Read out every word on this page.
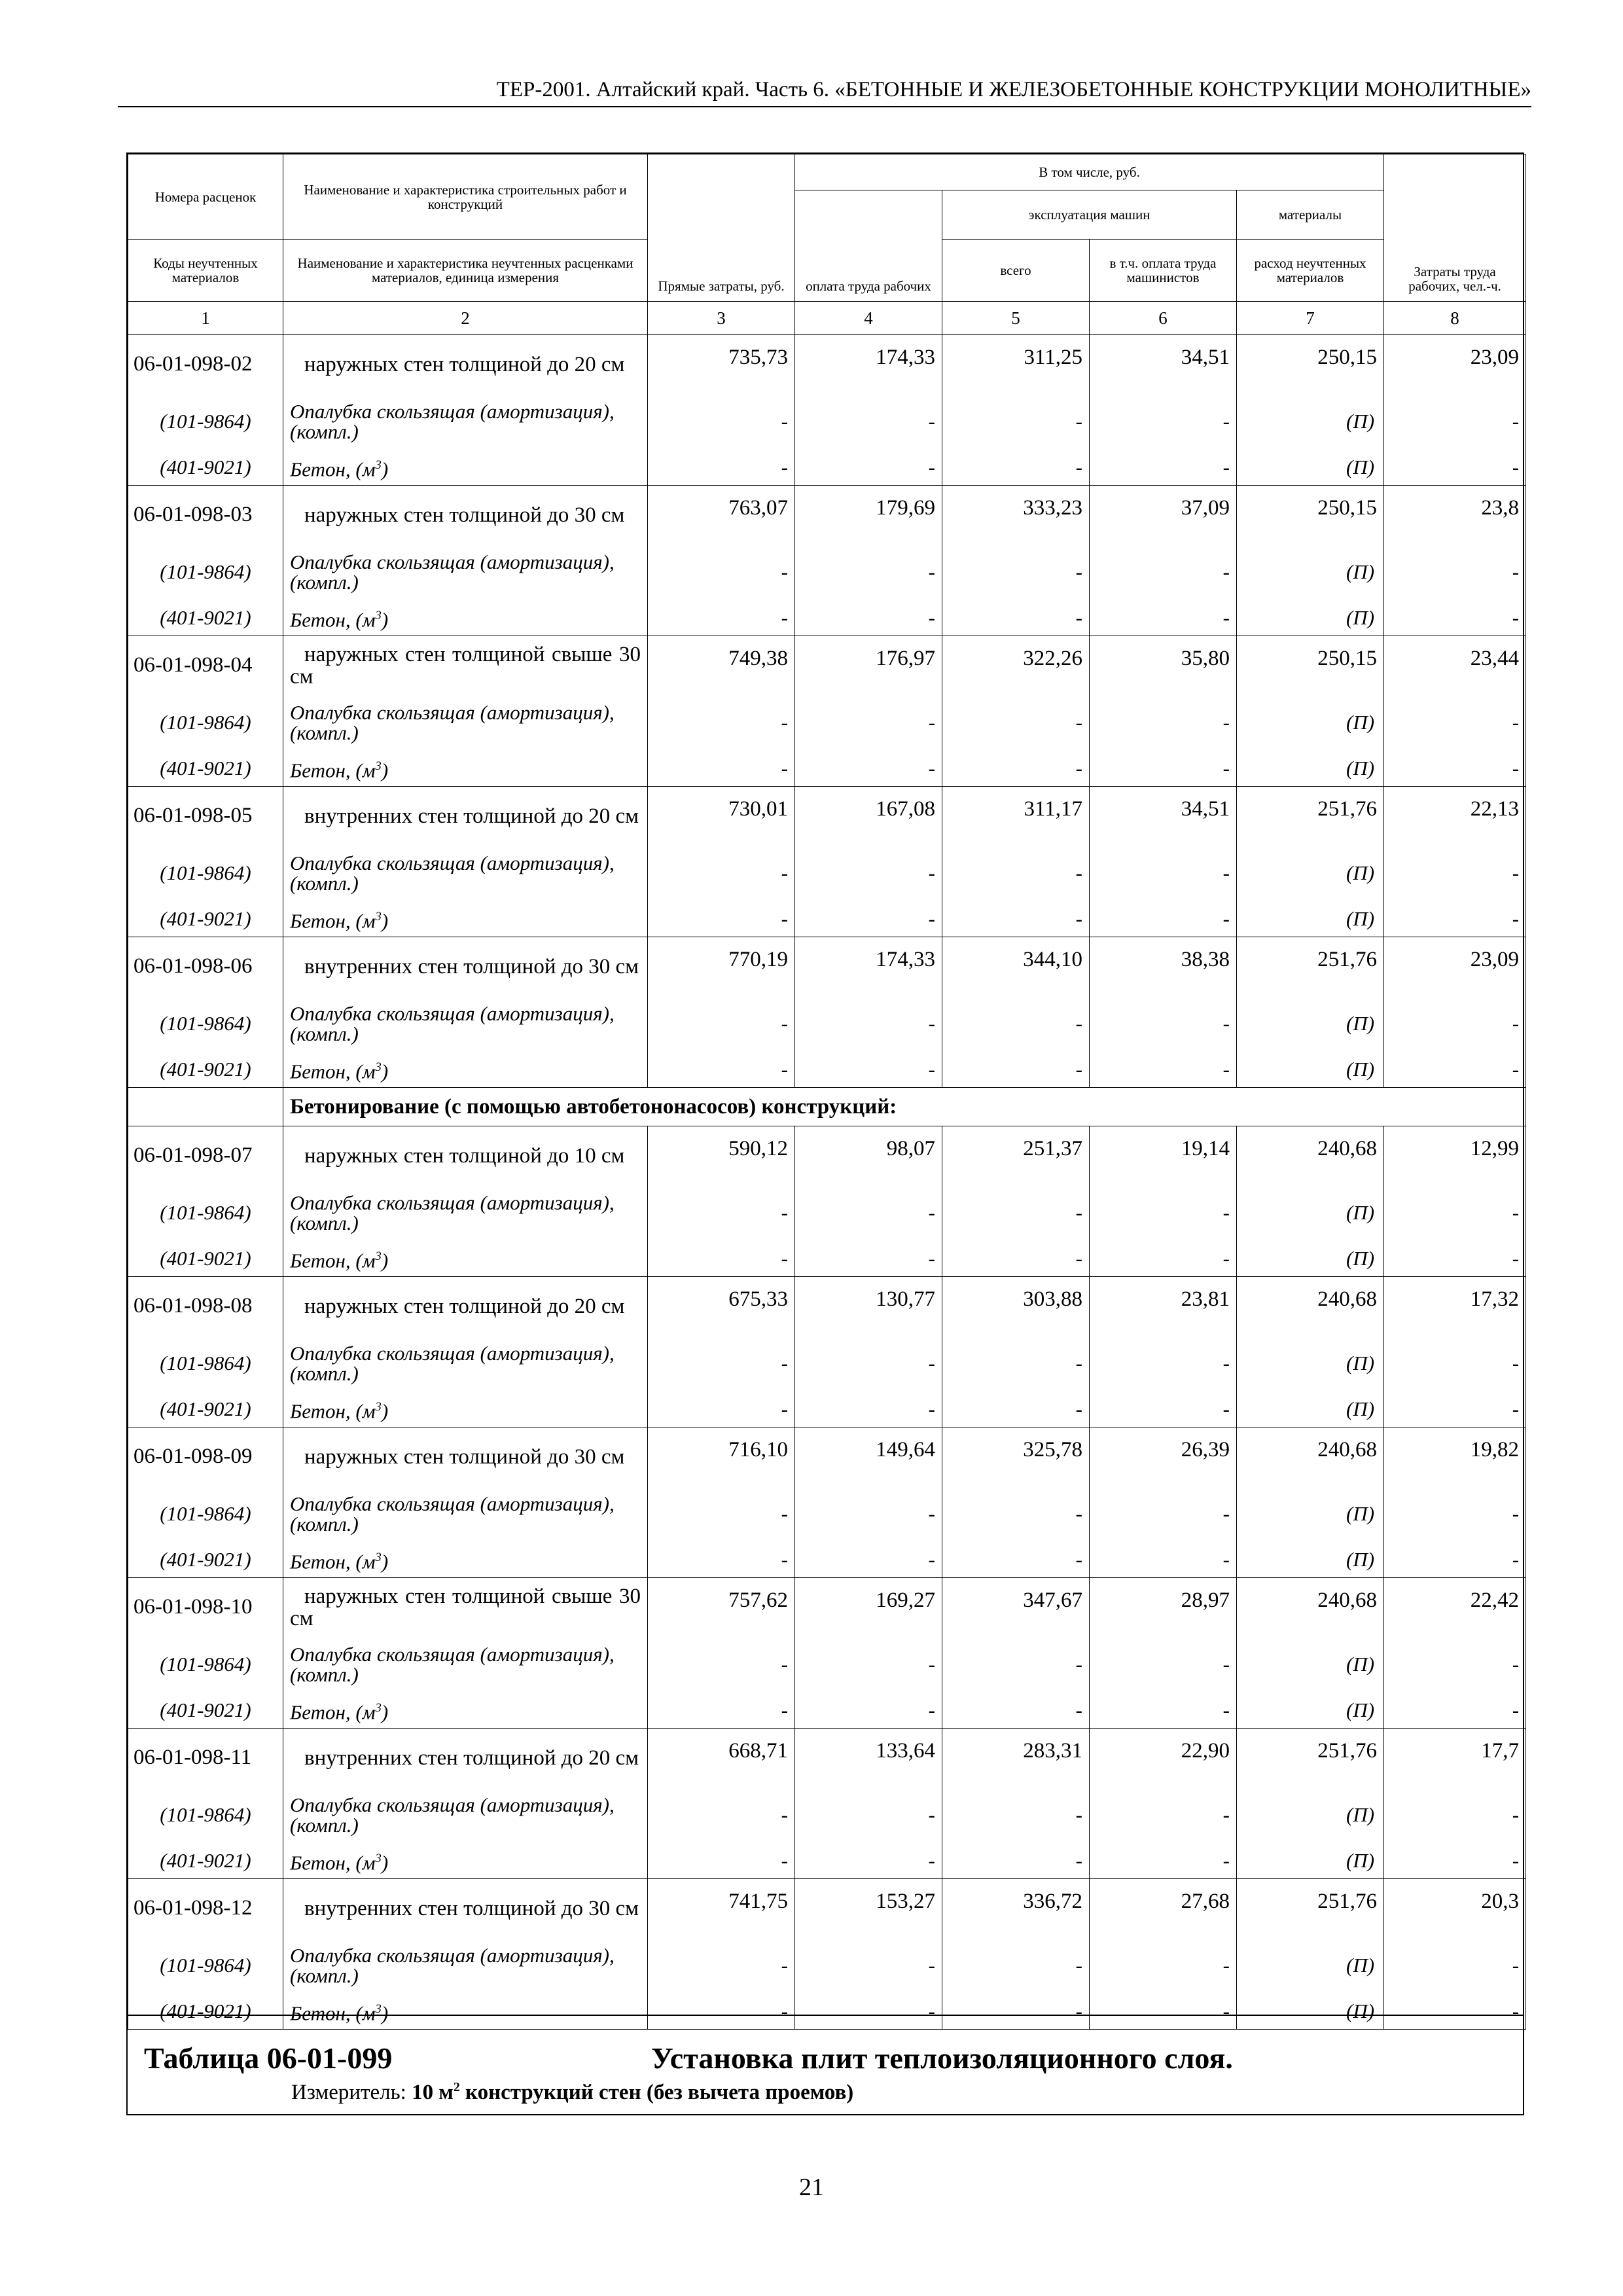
ТЕР-2001. Алтайский край. Часть 6. «БЕТОННЫЕ И ЖЕЛЕЗОБЕТОННЫЕ КОНСТРУКЦИИ МОНОЛИТНЫЕ»
Номера расценок	Наименование и характеристика строительных работ и конструкций	Прямые затраты, руб.	В том числе, руб.				Затраты труда рабочих, чел.-ч.
			оплата труда рабочих	эксплуатация машин		материалы	
Коды неучтенных материалов	Наименование и характеристика неучтенных расценками материалов, единица измерения			всего	в т.ч. оплата труда машинистов	расход неучтенных материалов	
1	2	3	4	5	6	7	8
06-01-098-02	наружных стен толщиной до 20 см	735,73	174,33	311,25	34,51	250,15	23,09
(101-9864)	Опалубка скользящая (амортизация), (компл.)	-	-	-	-	(П)	-
(401-9021)	Бетон, $(м^3)$	-	-	-	-	(П)	-
06-01-098-03	наружных стен толщиной до 30 см	763,07	179,69	333,23	37,09	250,15	23,8
(101-9864)	Опалубка скользящая (амортизация), (компл.)	-	-	-	-	(П)	-
(401-9021)	Бетон, $(м^3)$	-	-	-	-	(П)	-
06-01-098-04	наружных стен толщиной свыше 30 см	749,38	176,97	322,26	35,80	250,15	23,44
(101-9864)	Опалубка скользящая (амортизация), (компл.)	-	-	-	-	(П)	-
(401-9021)	Бетон, $(м^3)$	-	-	-	-	(П)	-
06-01-098-05	внутренних стен толщиной до 20 см	730,01	167,08	311,17	34,51	251,76	22,13
(101-9864)	Опалубка скользящая (амортизация), (компл.)	-	-	-	-	(П)	-
(401-9021)	Бетон, $(м^3)$	-	-	-	-	(П)	-
06-01-098-06	внутренних стен толщиной до 30 см	770,19	174,33	344,10	38,38	251,76	23,09
(101-9864)	Опалубка скользящая (амортизация), (компл.)	-	-	-	-	(П)	-
(401-9021)	Бетон, $(м^3)$	-	-	-	-	(П)	-
	Бетонирование (с помощью автобетононасосов) конструкций:						
06-01-098-07	наружных стен толщиной до 10 см	590,12	98,07	251,37	19,14	240,68	12,99
(101-9864)	Опалубка скользящая (амортизация), (компл.)	-	-	-	-	(П)	-
(401-9021)	Бетон, $(м^3)$	-	-	-	-	(П)	-
06-01-098-08	наружных стен толщиной до 20 см	675,33	130,77	303,88	23,81	240,68	17,32
(101-9864)	Опалубка скользящая (амортизация), (компл.)	-	-	-	-	(П)	-
(401-9021)	Бетон, $(м^3)$	-	-	-	-	(П)	-
06-01-098-09	наружных стен толщиной до 30 см	716,10	149,64	325,78	26,39	240,68	19,82
(101-9864)	Опалубка скользящая (амортизация), (компл.)	-	-	-	-	(П)	-
(401-9021)	Бетон, $(м^3)$	-	-	-	-	(П)	-
06-01-098-10	наружных стен толщиной свыше 30 см	757,62	169,27	347,67	28,97	240,68	22,42
(101-9864)	Опалубка скользящая (амортизация), (компл.)	-	-	-	-	(П)	-
(401-9021)	Бетон, $(м^3)$	-	-	-	-	(П)	-
06-01-098-11	внутренних стен толщиной до 20 см	668,71	133,64	283,31	22,90	251,76	17,7
(101-9864)	Опалубка скользящая (амортизация), (компл.)	-	-	-	-	(П)	-
(401-9021)	Бетон, $(м^3)$	-	-	-	-	(П)	-
06-01-098-12	внутренних стен толщиной до 30 см	741,75	153,27	336,72	27,68	251,76	20,3
(101-9864)	Опалубка скользящая (амортизация), (компл.)	-	-	-	-	(П)	-
(401-9021)	Бетон, $(м^3)$	-	-	-	-	(П)	-
Таблица 06-01-099	Установка плит теплоизоляционного слоя.
Измеритель: 10 $м^2$ конструкций стен (без вычета проемов)
21
